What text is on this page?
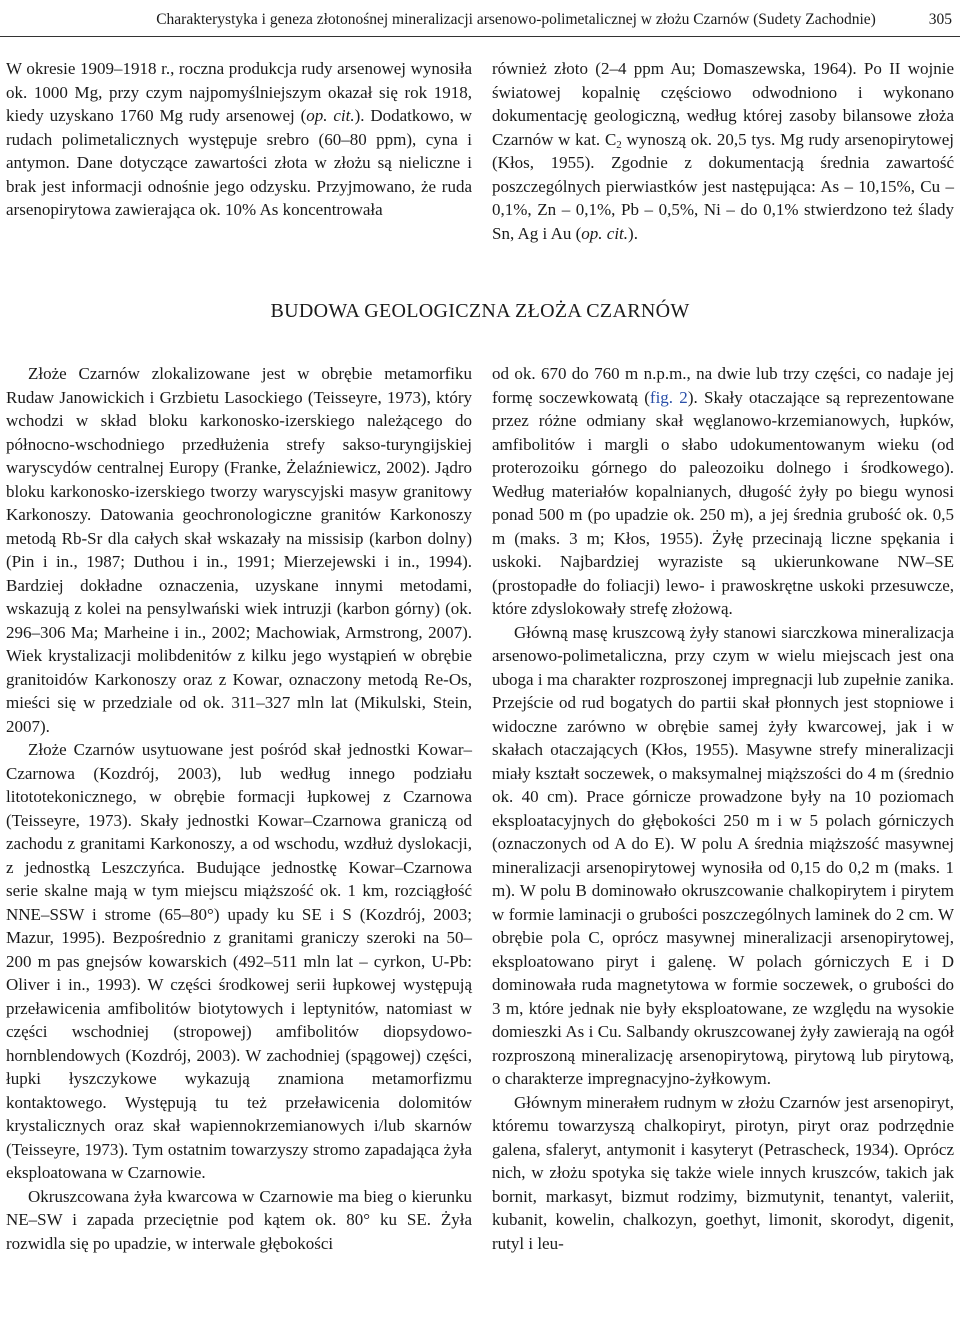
Charakterystyka i geneza złotonośnej mineralizacji arsenowo-polimetalicznej w złożu Czarnów (Sudety Zachodnie)	305

W okresie 1909–1918 r., roczna produkcja rudy arsenowej wynosiła ok. 1000 Mg, przy czym najpomyślniejszym okazał się rok 1918, kiedy uzyskano 1760 Mg rudy arsenowej (op. cit.). Dodatkowo, w rudach polimetalicznych występuje srebro (60–80 ppm), cyna i antymon. Dane dotyczące zawartości złota w złożu są nieliczne i brak jest informacji odnośnie jego odzysku. Przyjmowano, że ruda arsenopirytowa zawierająca ok. 10% As koncentrowała

również złoto (2–4 ppm Au; Domaszewska, 1964). Po II wojnie światowej kopalnię częściowo odwodniono i wykonano dokumentację geologiczną, według której zasoby bilansowe złoża Czarnów w kat. $C_2$ wynoszą ok. 20,5 tys. Mg rudy arsenopirytowej (Kłos, 1955). Zgodnie z dokumentacją średnia zawartość poszczególnych pierwiastków jest następująca: As – 10,15%, Cu – 0,1%, Zn – 0,1%, Pb – 0,5%, Ni – do 0,1% stwierdzono też ślady Sn, Ag i Au (op. cit.).

BUDOWA GEOLOGICZNA ZŁOŻA CZARNÓW

Złoże Czarnów zlokalizowane jest w obrębie metamorfiku Rudaw Janowickich i Grzbietu Lasockiego (Teisseyre, 1973), który wchodzi w skład bloku karkonosko-izerskiego należącego do północno-wschodniego przedłużenia strefy sakso-turyngijskiej waryscydów centralnej Europy (Franke, Żelaźniewicz, 2002). Jądro bloku karkonosko-izerskiego tworzy waryscyjski masyw granitowy Karkonoszy. Datowania geochronologiczne granitów Karkonoszy metodą Rb-Sr dla całych skał wskazały na missisip (karbon dolny) (Pin i in., 1987; Duthou i in., 1991; Mierzejewski i in., 1994). Bardziej dokładne oznaczenia, uzyskane innymi metodami, wskazują z kolei na pensylwański wiek intruzji (karbon górny) (ok. 296–306 Ma; Marheine i in., 2002; Machowiak, Armstrong, 2007). Wiek krystalizacji molibdenitów z kilku jego wystąpień w obrębie granitoidów Karkonoszy oraz z Kowar, oznaczony metodą Re-Os, mieści się w przedziale od ok. 311–327 mln lat (Mikulski, Stein, 2007).

Złoże Czarnów usytuowane jest pośród skał jednostki Kowar–Czarnowa (Kozdrój, 2003), lub według innego podziału litototekonicznego, w obrębie formacji łupkowej z Czarnowa (Teisseyre, 1973). Skały jednostki Kowar–Czarnowa graniczą od zachodu z granitami Karkonoszy, a od wschodu, wzdłuż dyslokacji, z jednostką Leszczyńca. Budujące jednostkę Kowar–Czarnowa serie skalne mają w tym miejscu miąższość ok. 1 km, rozciągłość NNE–SSW i strome (65–80°) upady ku SE i S (Kozdrój, 2003; Mazur, 1995). Bezpośrednio z granitami graniczy szeroki na 50–200 m pas gnejsów kowarskich (492–511 mln lat – cyrkon, U-Pb: Oliver i in., 1993). W części środkowej serii łupkowej występują przeławicenia amfibolitów biotytowych i leptynitów, natomiast w części wschodniej (stropowej) amfibolitów diopsydowo-hornblendowych (Kozdrój, 2003). W zachodniej (spągowej) części, łupki łyszczykowe wykazują znamiona metamorfizmu kontaktowego. Występują tu też przeławicenia dolomitów krystalicznych oraz skał wapiennokrzemianowych i/lub skarnów (Teisseyre, 1973). Tym ostatnim towarzyszy stromo zapadająca żyła eksploatowana w Czarnowie.

Okruszcowana żyła kwarcowa w Czarnowie ma bieg o kierunku NE–SW i zapada przeciętnie pod kątem ok. 80° ku SE. Żyła rozwidla się po upadzie, w interwale głębokości

od ok. 670 do 760 m n.p.m., na dwie lub trzy części, co nadaje jej formę soczewkowatą (fig. 2). Skały otaczające są reprezentowane przez różne odmiany skał węglanowo-krzemianowych, łupków, amfibolitów i margli o słabo udokumentowanym wieku (od proterozoiku górnego do paleozoiku dolnego i środkowego). Według materiałów kopalnianych, długość żyły po biegu wynosi ponad 500 m (po upadzie ok. 250 m), a jej średnia grubość ok. 0,5 m (maks. 3 m; Kłos, 1955). Żyłę przecinają liczne spękania i uskoki. Najbardziej wyraziste są ukierunkowane NW–SE (prostopadłe do foliacji) lewo- i prawoskrętne uskoki przesuwcze, które zdyslokowały strefę złożową.

Główną masę kruszcową żyły stanowi siarczkowa mineralizacja arsenowo-polimetaliczna, przy czym w wielu miejscach jest ona uboga i ma charakter rozproszonej impregnacji lub zupełnie zanika. Przejście od rud bogatych do partii skał płonnych jest stopniowe i widoczne zarówno w obrębie samej żyły kwarcowej, jak i w skałach otaczających (Kłos, 1955). Masywne strefy mineralizacji miały kształt soczewek, o maksymalnej miąższości do 4 m (średnio ok. 40 cm). Prace górnicze prowadzone były na 10 poziomach eksploatacyjnych do głębokości 250 m i w 5 polach górniczych (oznaczonych od A do E). W polu A średnia miąższość masywnej mineralizacji arsenopirytowej wynosiła od 0,15 do 0,2 m (maks. 1 m). W polu B dominowało okruszcowanie chalkopirytem i pirytem w formie laminacji o grubości poszczególnych laminek do 2 cm. W obrębie pola C, oprócz masywnej mineralizacji arsenopirytowej, eksploatowano piryt i galenę. W polach górniczych E i D dominowała ruda magnetytowa w formie soczewek, o grubości do 3 m, które jednak nie były eksploatowane, ze względu na wysokie domieszki As i Cu. Salbandy okruszcowanej żyły zawierają na ogół rozproszoną mineralizację arsenopirytową, pirytową lub pirytową, o charakterze impregnacyjno-żyłkowym.

Głównym minerałem rudnym w złożu Czarnów jest arsenopiryt, któremu towarzyszą chalkopiryt, pirotyn, piryt oraz podrzędnie galena, sfaleryt, antymonit i kasyteryt (Petrascheck, 1934). Oprócz nich, w złożu spotyka się także wiele innych kruszców, takich jak bornit, markasyt, bizmut rodzimy, bizmutynit, tenantyt, valeriit, kubanit, kowelin, chalkozyn, goethyt, limonit, skorodyt, digenit, rutyl i leu-
